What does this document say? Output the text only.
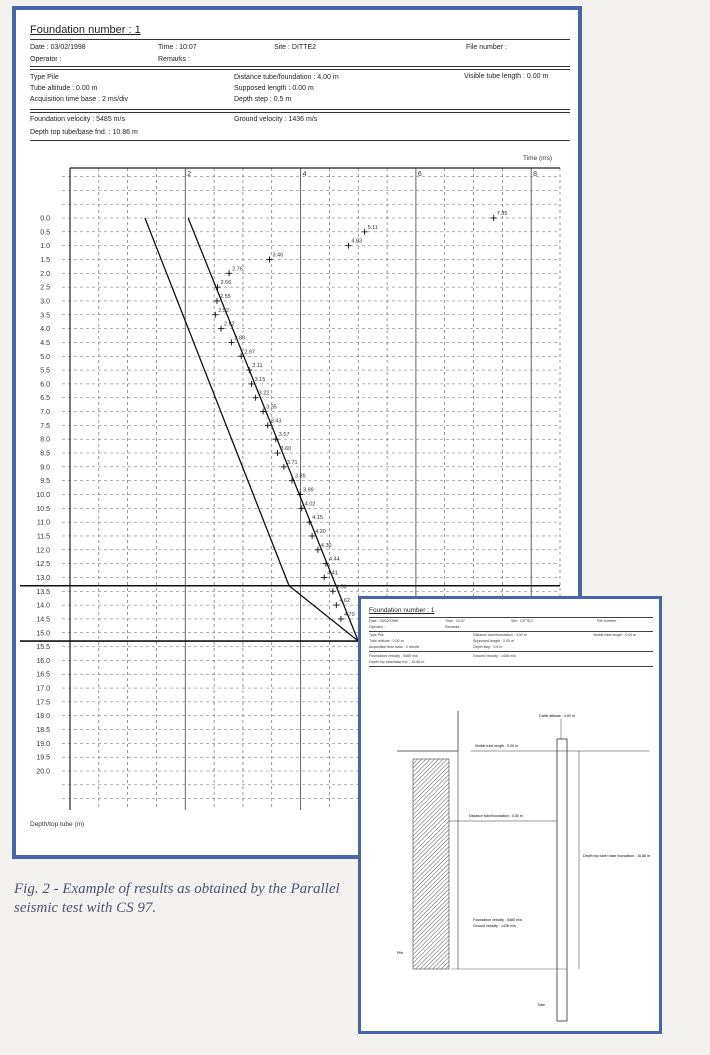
Foundation number : 1
Date : 03/02/1998	Time : 10:07	Site : DITTE2	File number :
Operator :	Remarks :
Type Pile
Tube altitude : 0.00 m
Acquisition time base : 2 ms/div
Distance tube/foundation : 4.00 m
Supposed length : 0.00 m
Depth step : 0.5 m
Visible tube length : 0.00 m
Foundation velocity : 5485 m/s	Ground velocity : 1436 m/s
Depth top tube/base fnd. : 10.86 m
2	4	6	8
Time (ms)
0.0
0.5
1.0
1.5
2.0
2.5
3.0
3.5
4.0
4.5
5.0
5.5
6.0
6.5
7.0
7.5
8.0
8.5
9.0
9.5
10.0
10.5
11.0
11.5
12.0
12.5
13.0
13.5
14.0
14.5
15.0
15.5
16.0
16.5
17.0
17.5
18.0
18.5
19.0
19.5
20.0
Depth/top tube (m)
7.35
5.11
4.83
3.46
2.76
2.56
2.55
2.52
2.62
2.80
2.97
3.11
3.15
3.22
3.35
3.43
3.57
3.60
3.71
3.85
3.99
4.02
4.15
4.20
4.30
4.44
4.41
4.56
4.62
4.70
Fig. 2 - Example of results as obtained by the Parallel seismic test with CS 97.
Foundation number : 1
Date : 03/02/1998	Time : 10:07	Site : DITTE2	File number :
Operator :	Remarks :
Type Pile
Tube altitude : 0.00 m
Acquisition time base : 2 ms/div
Distance tube/foundation : 4.00 m
Supposed length : 0.00 m
Depth step : 0.5 m
Visible tube length : 0.00 m
Foundation velocity : 5485 m/s	Ground velocity : 1436 m/s
Depth top tube/base fnd. : 10.86 m
Cable altitude : 0.00 m
Visible tube length : 0.00 m
Distance tube/foundation : 4.00 m
Depth top tube/ base foundation : 10.86 m
Foundation velocity : 5485 m/s
Ground velocity : 1436 m/s
Pile
Tube
